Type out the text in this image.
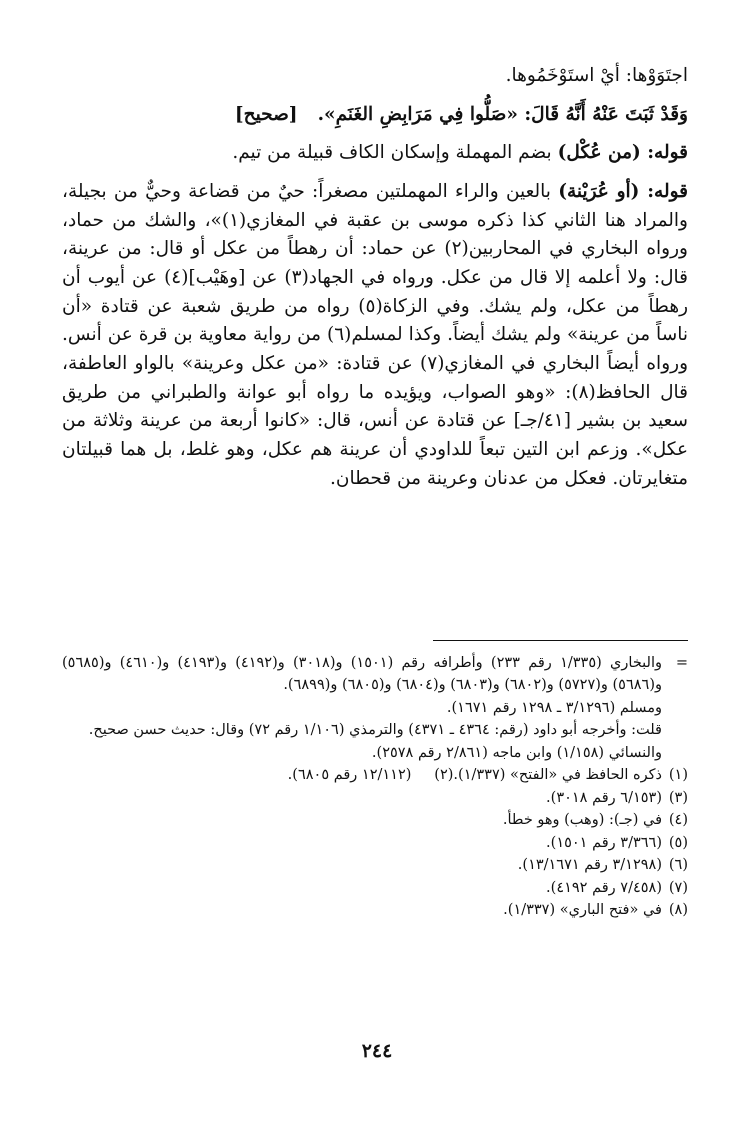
اجتَوَوْها: أيْ استَوْخَمُوها.

وَقَدْ ثَبَتَ عَنْهُ أَنَّهُ قَالَ: «صَلُّوا فِي مَرَابِضِ الغَنَمِ».[صحيح]

قوله: (من عُكْل) بضم المهملة وإسكان الكاف قبيلة من تيم.

قوله: (أو عُرَيْنة) بالعين والراء المهملتين مصغراً: حيٌ من قضاعة وحيٌّ من بجيلة، والمراد هنا الثاني كذا ذكره موسى بن عقبة في المغازي(١)»، والشك من حماد، ورواه البخاري في المحاربين(٢) عن حماد: أن رهطاً من عكل أو قال: من عرينة، قال: ولا أعلمه إلا قال من عكل. ورواه في الجهاد(٣) عن [وهَيْب](٤) عن أيوب أن رهطاً من عكل، ولم يشك. وفي الزكاة(٥) رواه من طريق شعبة عن قتادة «أن ناساً من عرينة» ولم يشك أيضاً. وكذا لمسلم(٦) من رواية معاوية بن قرة عن أنس. ورواه أيضاً البخاري في المغازي(٧) عن قتادة: «من عكل وعرينة» بالواو العاطفة، قال الحافظ(٨): «وهو الصواب، ويؤيده ما رواه أبو عوانة والطبراني من طريق سعيد بن بشير [٤١/جـ] عن قتادة عن أنس، قال: «كانوا أربعة من عرينة وثلاثة من عكل». وزعم ابن التين تبعاً للداودي أن عرينة هم عكل، وهو غلط، بل هما قبيلتان متغايرتان. فعكل من عدنان وعرينة من قحطان.

=
والبخاري (١/٣٣٥ رقم ٢٣٣) وأطرافه رقم (١٥٠١) و(٣٠١٨) و(٤١٩٢) و(٤١٩٣) و(٤٦١٠) و(٥٦٨٥) و(٥٦٨٦) و(٥٧٢٧) و(٦٨٠٢) و(٦٨٠٣) و(٦٨٠٤) و(٦٨٠٥) و(٦٨٩٩).
ومسلم (٣/١٢٩٦ ـ ١٢٩٨ رقم ١٦٧١).
قلت: وأخرجه أبو داود (رقم: ٤٣٦٤ ـ ٤٣٧١) والترمذي (١/١٠٦ رقم ٧٢) وقال: حديث حسن صحيح. والنسائي (١/١٥٨) وابن ماجه (٢/٨٦١ رقم ٢٥٧٨).
(١)
ذكره الحافظ في «الفتح» (١/٣٣٧).
(٢)
(١٢/١١٢ رقم ٦٨٠٥).
(٣)
(٦/١٥٣ رقم ٣٠١٨).
(٤)
في (جـ): (وهب) وهو خطأ.
(٥)
(٣/٣٦٦ رقم ١٥٠١).
(٦)
(٣/١٢٩٨ رقم ١٣/١٦٧١).
(٧)
(٧/٤٥٨ رقم ٤١٩٢).
(٨)
في «فتح الباري» (١/٣٣٧).
٢٤٤
